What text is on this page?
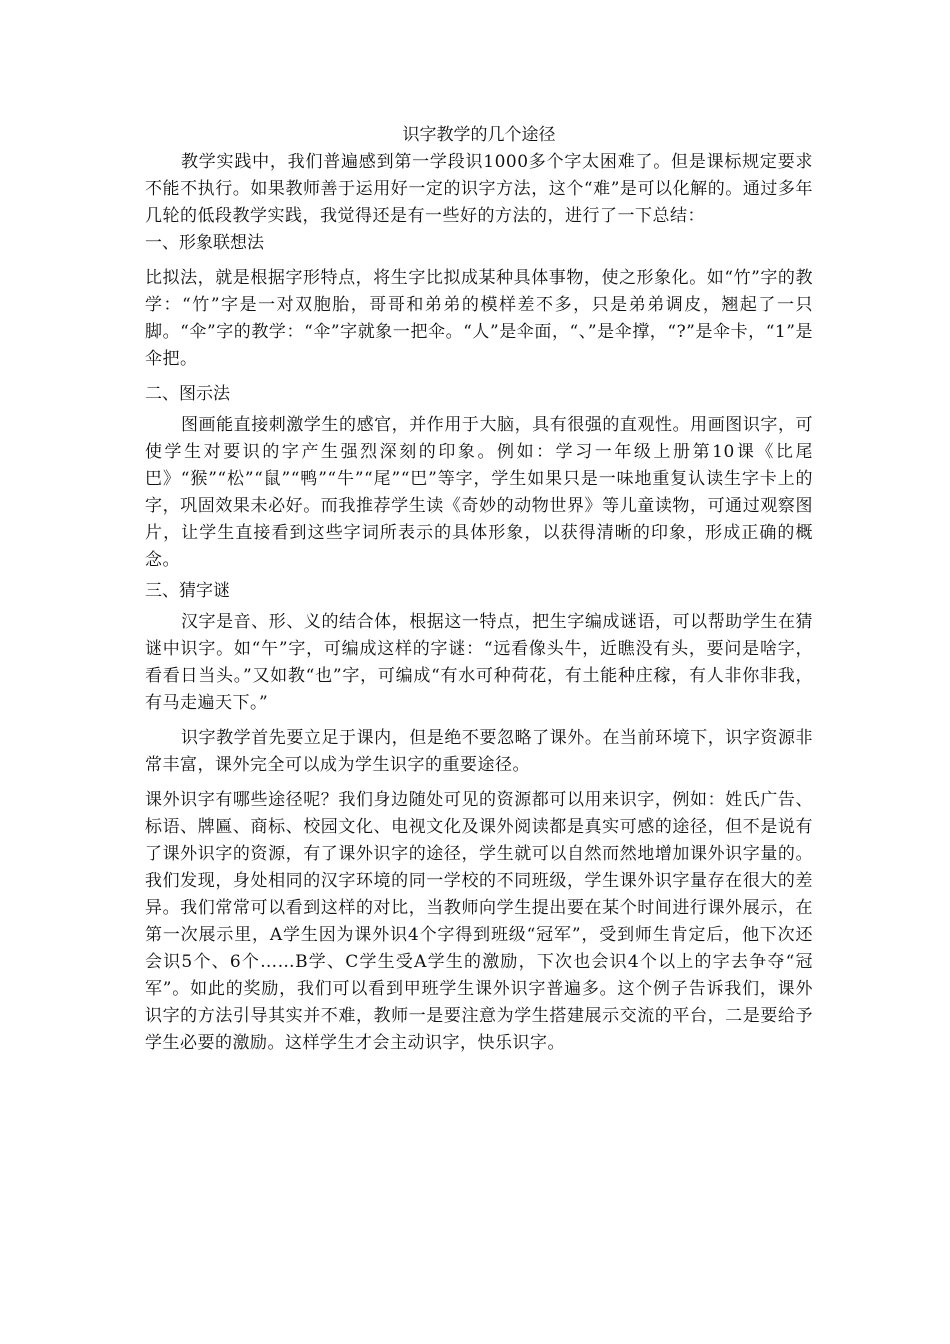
识字教学的几个途径

教学实践中，我们普遍感到第一学段识1000多个字太困难了。但是课标规定要求不能不执行。如果教师善于运用好一定的识字方法，这个“难”是可以化解的。通过多年几轮的低段教学实践，我觉得还是有一些好的方法的，进行了一下总结：

一、形象联想法

比拟法，就是根据字形特点，将生字比拟成某种具体事物，使之形象化。如“竹”字的教学：“竹”字是一对双胞胎，哥哥和弟弟的模样差不多，只是弟弟调皮，翘起了一只脚。“伞”字的教学：“伞”字就象一把伞。“人”是伞面，“、”是伞撑，“?”是伞卡，“1”是伞把。

二、图示法

图画能直接刺激学生的感官，并作用于大脑，具有很强的直观性。用画图识字，可使学生对要识的字产生强烈深刻的印象。例如：学习一年级上册第10课《比尾巴》“猴”“松”“鼠”“鸭”“牛”“尾”“巴”等字，学生如果只是一味地重复认读生字卡上的字，巩固效果未必好。而我推荐学生读《奇妙的动物世界》等儿童读物，可通过观察图片，让学生直接看到这些字词所表示的具体形象，以获得清晰的印象，形成正确的概念。

三、猜字谜

汉字是音、形、义的结合体，根据这一特点，把生字编成谜语，可以帮助学生在猜谜中识字。如“午”字，可编成这样的字谜：“远看像头牛，近瞧没有头，要问是啥字，看看日当头。”又如教“也”字，可编成“有水可种荷花，有土能种庄稼，有人非你非我，有马走遍天下。”

识字教学首先要立足于课内，但是绝不要忽略了课外。在当前环境下，识字资源非常丰富，课外完全可以成为学生识字的重要途径。

课外识字有哪些途径呢？我们身边随处可见的资源都可以用来识字，例如：姓氏广告、标语、牌匾、商标、校园文化、电视文化及课外阅读都是真实可感的途径，但不是说有了课外识字的资源，有了课外识字的途径，学生就可以自然而然地增加课外识字量的。我们发现，身处相同的汉字环境的同一学校的不同班级，学生课外识字量存在很大的差异。我们常常可以看到这样的对比，当教师向学生提出要在某个时间进行课外展示，在第一次展示里，A学生因为课外识4个字得到班级“冠军”，受到师生肯定后，他下次还会识5个、6个……B学、C学生受A学生的激励，下次也会识4个以上的字去争夺“冠军”。如此的奖励，我们可以看到甲班学生课外识字普遍多。这个例子告诉我们，课外识字的方法引导其实并不难，教师一是要注意为学生搭建展示交流的平台，二是要给予学生必要的激励。这样学生才会主动识字，快乐识字。
